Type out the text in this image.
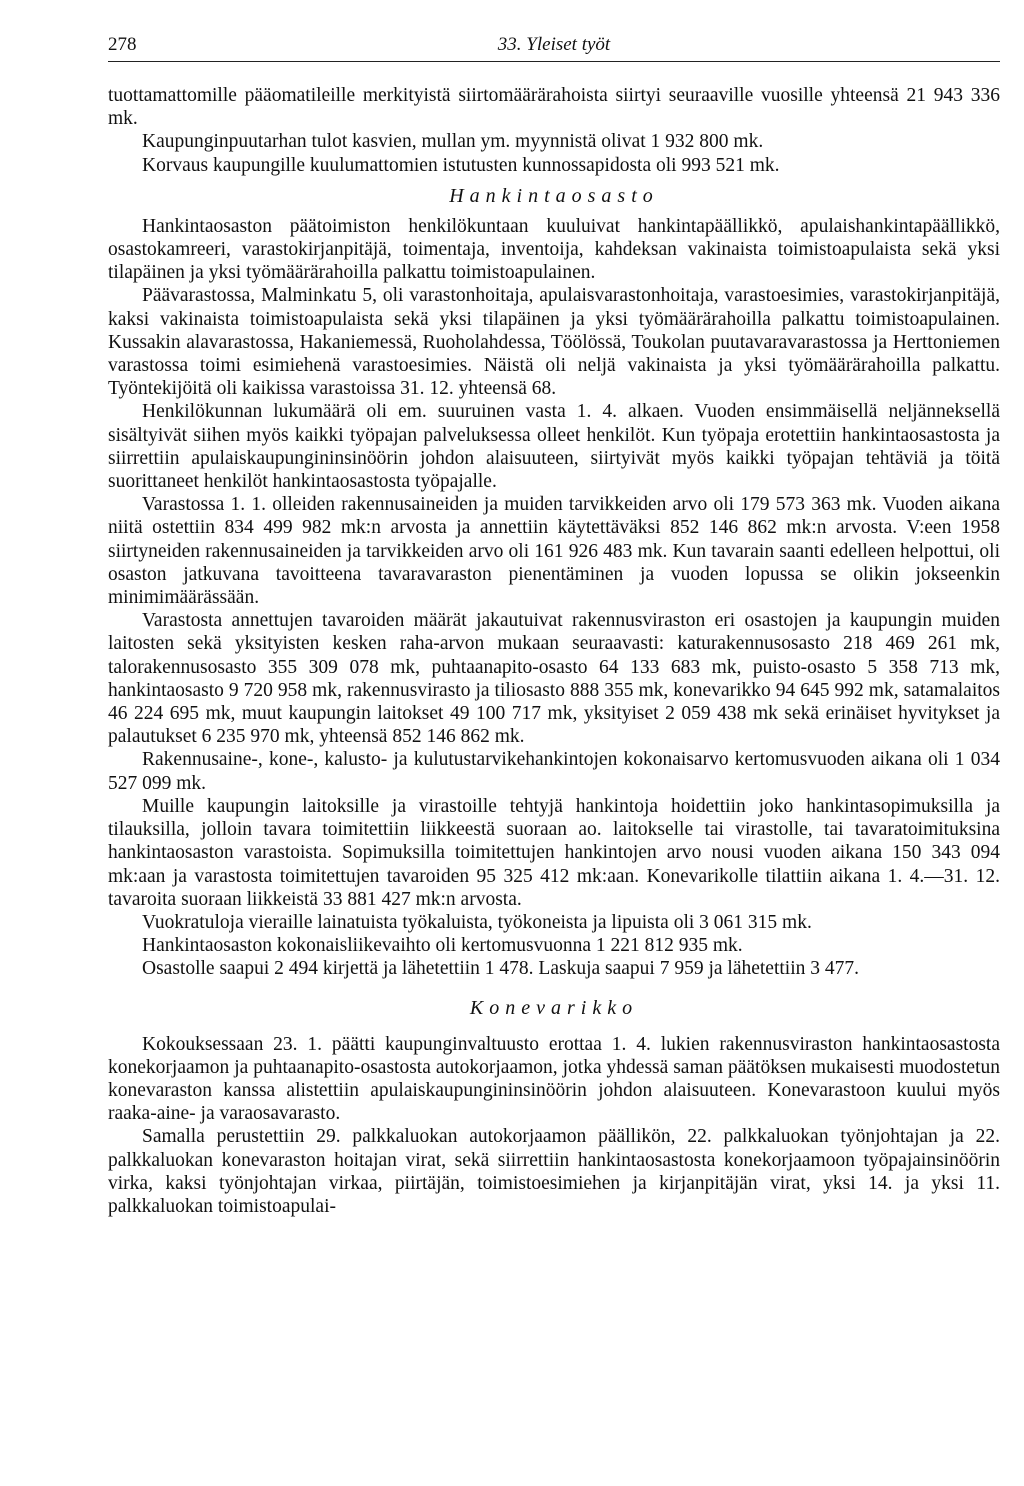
278	33. Yleiset työt

tuottamattomille pääomatileille merkityistä siirtomäärärahoista siirtyi seuraaville vuosille yhteensä 21 943 336 mk.

Kaupunginpuutarhan tulot kasvien, mullan ym. myynnistä olivat 1 932 800 mk.

Korvaus kaupungille kuulumattomien istutusten kunnossapidosta oli 993 521 mk.

Hankintaosasto

Hankintaosaston päätoimiston henkilökuntaan kuuluivat hankintapäällikkö, apulaishankintapäällikkö, osastokamreeri, varastokirjanpitäjä, toimentaja, inventoija, kahdeksan vakinaista toimistoapulaista sekä yksi tilapäinen ja yksi työmäärärahoilla palkattu toimistoapulainen.

Päävarastossa, Malminkatu 5, oli varastonhoitaja, apulaisvarastonhoitaja, varastoesimies, varastokirjanpitäjä, kaksi vakinaista toimistoapulaista sekä yksi tilapäinen ja yksi työmäärärahoilla palkattu toimistoapulainen. Kussakin alavarastossa, Hakaniemessä, Ruoholahdessa, Töölössä, Toukolan puutavaravarastossa ja Herttoniemen varastossa toimi esimiehenä varastoesimies. Näistä oli neljä vakinaista ja yksi työmäärärahoilla palkattu. Työntekijöitä oli kaikissa varastoissa 31. 12. yhteensä 68.

Henkilökunnan lukumäärä oli em. suuruinen vasta 1. 4. alkaen. Vuoden ensimmäisellä neljänneksellä sisältyivät siihen myös kaikki työpajan palveluksessa olleet henkilöt. Kun työpaja erotettiin hankintaosastosta ja siirrettiin apulaiskaupungininsinöörin johdon alaisuuteen, siirtyivät myös kaikki työpajan tehtäviä ja töitä suorittaneet henkilöt hankintaosastosta työpajalle.

Varastossa 1. 1. olleiden rakennusaineiden ja muiden tarvikkeiden arvo oli 179 573 363 mk. Vuoden aikana niitä ostettiin 834 499 982 mk:n arvosta ja annettiin käytettäväksi 852 146 862 mk:n arvosta. V:een 1958 siirtyneiden rakennusaineiden ja tarvikkeiden arvo oli 161 926 483 mk. Kun tavarain saanti edelleen helpottui, oli osaston jatkuvana tavoitteena tavaravaraston pienentäminen ja vuoden lopussa se olikin jokseenkin minimimäärässään.

Varastosta annettujen tavaroiden määrät jakautuivat rakennusviraston eri osastojen ja kaupungin muiden laitosten sekä yksityisten kesken raha-arvon mukaan seuraavasti: katurakennusosasto 218 469 261 mk, talorakennusosasto 355 309 078 mk, puhtaanapito-osasto 64 133 683 mk, puisto-osasto 5 358 713 mk, hankintaosasto 9 720 958 mk, rakennusvirasto ja tiliosasto 888 355 mk, konevarikko 94 645 992 mk, satamalaitos 46 224 695 mk, muut kaupungin laitokset 49 100 717 mk, yksityiset 2 059 438 mk sekä erinäiset hyvitykset ja palautukset 6 235 970 mk, yhteensä 852 146 862 mk.

Rakennusaine-, kone-, kalusto- ja kulutustarvikehankintojen kokonaisarvo kertomusvuoden aikana oli 1 034 527 099 mk.

Muille kaupungin laitoksille ja virastoille tehtyjä hankintoja hoidettiin joko hankintasopimuksilla ja tilauksilla, jolloin tavara toimitettiin liikkeestä suoraan ao. laitokselle tai virastolle, tai tavaratoimituksina hankintaosaston varastoista. Sopimuksilla toimitettujen hankintojen arvo nousi vuoden aikana 150 343 094 mk:aan ja varastosta toimitettujen tavaroiden 95 325 412 mk:aan. Konevarikolle tilattiin aikana 1. 4.—31. 12. tavaroita suoraan liikkeistä 33 881 427 mk:n arvosta.

Vuokratuloja vieraille lainatuista työkaluista, työkoneista ja lipuista oli 3 061 315 mk.

Hankintaosaston kokonaisliikevaihto oli kertomusvuonna 1 221 812 935 mk.

Osastolle saapui 2 494 kirjettä ja lähetettiin 1 478. Laskuja saapui 7 959 ja lähetettiin 3 477.

Konevarikko

Kokouksessaan 23. 1. päätti kaupunginvaltuusto erottaa 1. 4. lukien rakennusviraston hankintaosastosta konekorjaamon ja puhtaanapito-osastosta autokorjaamon, jotka yhdessä saman päätöksen mukaisesti muodostetun konevaraston kanssa alistettiin apulaiskaupungininsinöörin johdon alaisuuteen. Konevarastoon kuului myös raaka-aine- ja varaosavarasto.

Samalla perustettiin 29. palkkaluokan autokorjaamon päällikön, 22. palkkaluokan työnjohtajan ja 22. palkkaluokan konevaraston hoitajan virat, sekä siirrettiin hankintaosastosta konekorjaamoon työpajainsinöörin virka, kaksi työnjohtajan virkaa, piirtäjän, toimistoesimiehen ja kirjanpitäjän virat, yksi 14. ja yksi 11. palkkaluokan toimistoapulai-
